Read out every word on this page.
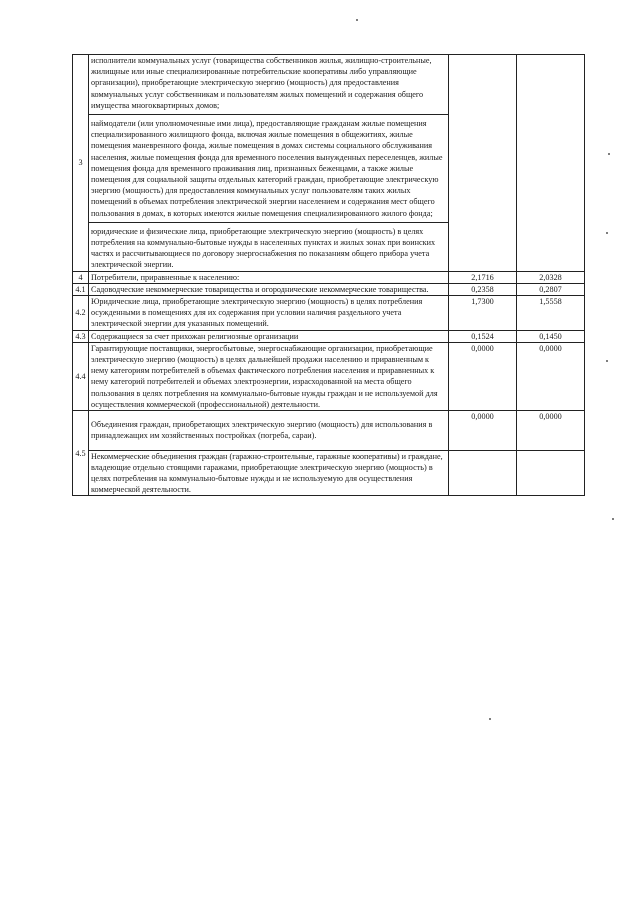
3	исполнители коммунальных услуг (товарищества собственников жилья, жилищно-строительные, жилищные или иные специализированные потребительские кооперативы либо управляющие организации), приобретающие электрическую энергию (мощность) для предоставления коммунальных услуг собственникам и пользователям жилых помещений и содержания общего имущества многоквартирных домов;
наймодатели (или уполномоченные ими лица), предоставляющие гражданам жилые помещения специализированного жилищного фонда, включая жилые помещения в общежитиях, жилые помещения маневренного фонда, жилые помещения в домах системы социального обслуживания населения, жилые помещения фонда для временного поселения вынужденных переселенцев, жилые помещения фонда для временного проживания лиц, признанных беженцами, а также жилые помещения для социальной защиты отдельных категорий граждан, приобретающие электрическую энергию (мощность) для предоставления коммунальных услуг пользователям таких жилых помещений в объемах потребления электрической энергии населением и содержания мест общего пользования в домах, в которых имеются жилые помещения специализированного жилого фонда;
юридические и физические лица, приобретающие электрическую энергию (мощность) в целях потребления на коммунально-бытовые нужды в населенных пунктах и жилых зонах при воинских частях и рассчитывающиеся по договору энергоснабжения по показаниям общего прибора учета электрической энергии.		

4	Потребители, приравненные к населению:	2,1716	2,0328
4.1	Садоводческие некоммерческие товарищества и огороднические некоммерческие товарищества.	0,2358	0,2807
4.2	Юридические лица, приобретающие электрическую энергию (мощность) в целях потребления осужденными в помещениях для их содержания при условии наличия раздельного учета электрической энергии для указанных помещений.	1,7300	1,5558
4.3	Содержащиеся за счет прихожан религиозные организации	0,1524	0,1450
4.4	Гарантирующие поставщики, энергосбытовые, энергоснабжающие организации, приобретающие электрическую энергию (мощность) в целях дальнейшей продажи населению и приравненным к нему категориям потребителей в объемах фактического потребления населения и приравненных к нему категорий потребителей и объемах электроэнергии, израсходованной на места общего пользования в целях потребления на коммунально-бытовые нужды граждан и не используемой для осуществления коммерческой (профессиональной) деятельности.	0,0000	0,0000
4.5	Объединения граждан, приобретающих электрическую энергию (мощность) для использования в принадлежащих им хозяйственных постройках (погреба, сараи).	0,0000	0,0000
	Некоммерческие объединения граждан (гаражно-строительные, гаражные кооперативы) и граждане, владеющие отдельно стоящими гаражами, приобретающие электрическую энергию (мощность) в целях потребления на коммунально-бытовые нужды и не используемую для осуществления коммерческой деятельности.		
